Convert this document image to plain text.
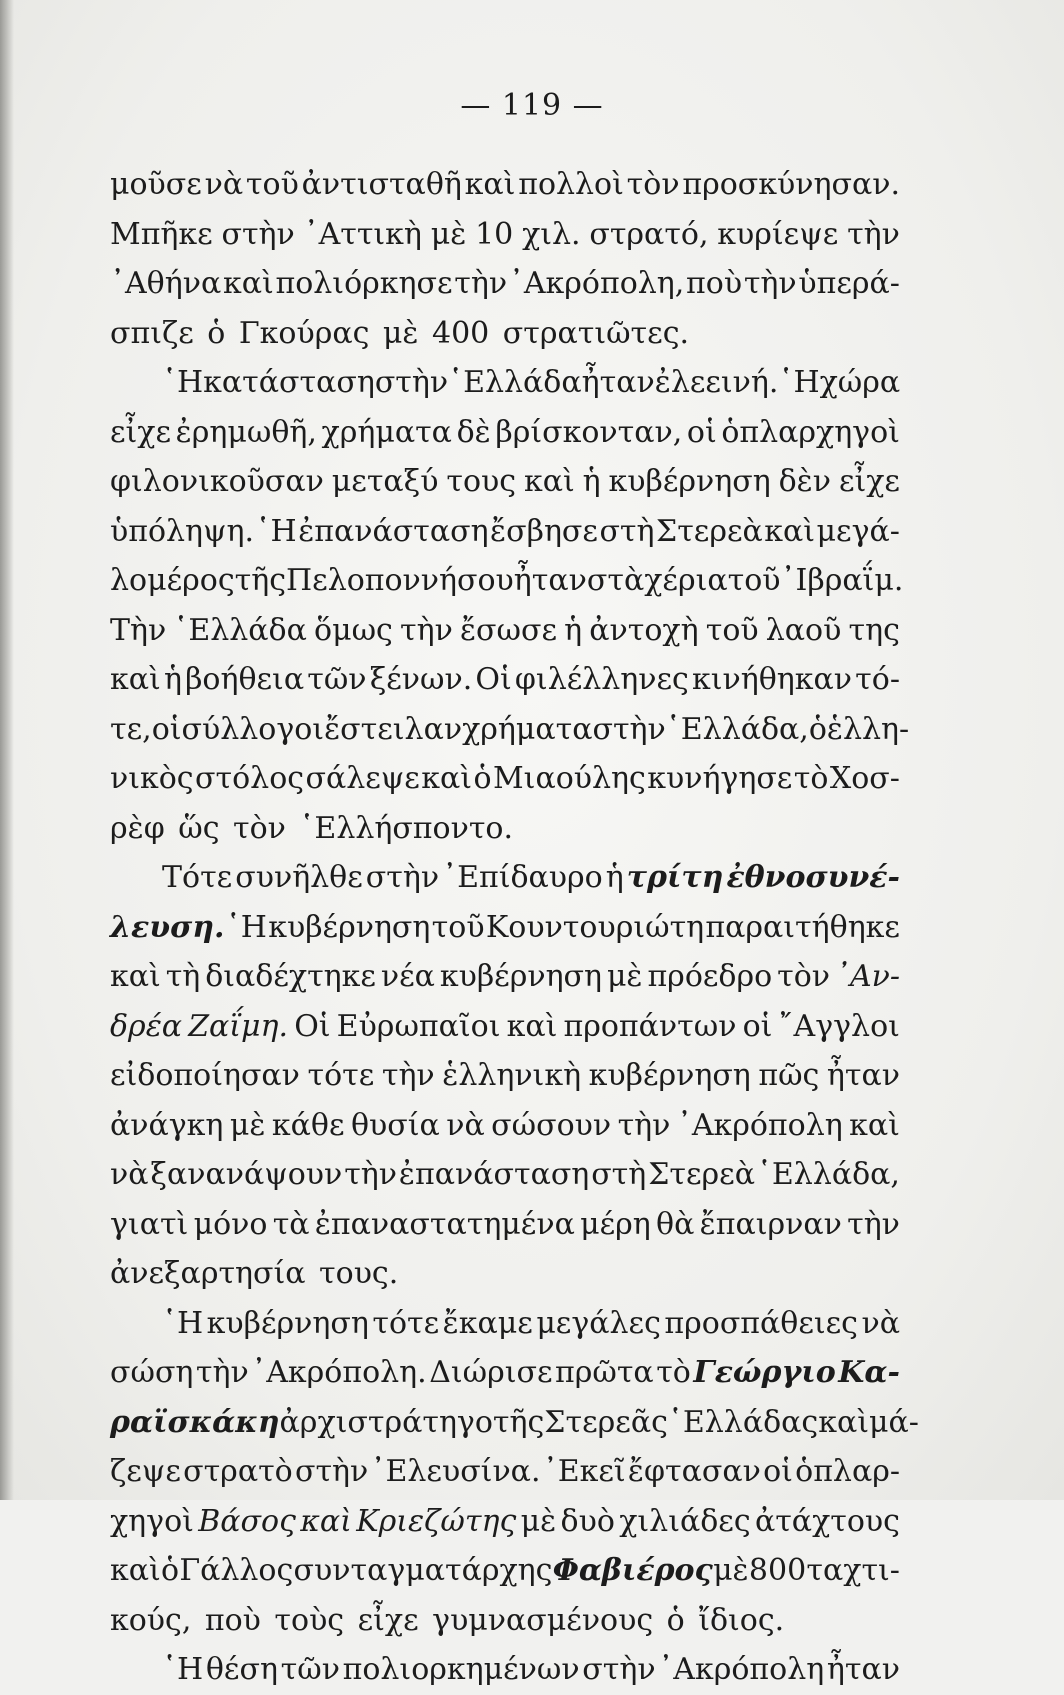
— 119 —
μοῦσε νὰ τοῦ ἀντισταθῆ καὶ πολλοὶ τὸν προσκύνησαν.
Μπῆκε στὴν ᾿Αττικὴ μὲ 10 χιλ. στρατό, κυρίεψε τὴν
᾿Αθήνα καὶ πολιόρκησε τὴν ᾿Ακρόπολη, ποὺ τὴν ὑπερά-
σπιζε ὁ Γκούρας μὲ 400 στρατιῶτες.
῾Η κατάσταση στὴν ῾Ελλάδα ἦταν ἐλεεινή. ῾Η χώρα
εἶχε ἐρημωθῆ, χρήματα δὲ βρίσκονταν, οἱ ὁπλαρχηγοὶ
φιλονικοῦσαν μεταξύ τους καὶ ἡ κυβέρνηση δὲν εἶχε
ὑπόληψη. ῾Η ἐπανάσταση ἔσβησε στὴ Στερεὰ καὶ μεγά-
λο μέρος τῆς Πελοποννήσου ἦταν στὰ χέρια τοῦ ᾿Ιβραΐμ.
Τὴν ῾Ελλάδα ὅμως τὴν ἔσωσε ἡ ἀντοχὴ τοῦ λαοῦ της
καὶ ἡ βοήθεια τῶν ξένων. Οἱ φιλέλληνες κινήθηκαν τό-
τε, οἱ σύλλογοι ἔστειλαν χρήματα στὴν ῾Ελλάδα, ὁ ἑλλη-
νικὸς στόλος σάλεψε καὶ ὁ Μιαούλης κυνήγησε τὸ Χοσ-
ρὲφ ὥς τὸν ῾Ελλήσποντο.
Τότε συνῆλθε στὴν ᾿Επίδαυρο ἡ τρίτη ἐθνοσυνέ-
λευση. ῾Η κυβέρνηση τοῦ Κουντουριώτη παραιτήθηκε
καὶ τὴ διαδέχτηκε νέα κυβέρνηση μὲ πρόεδρο τὸν ᾿Αν-
δρέα Ζαΐμη. Οἱ Εὐρωπαῖοι καὶ προπάντων οἱ ῎Αγγλοι
εἰδοποίησαν τότε τὴν ἑλληνικὴ κυβέρνηση πῶς ἦταν
ἀνάγκη μὲ κάθε θυσία νὰ σώσουν τὴν ᾿Ακρόπολη καὶ
νὰ ξανανάψουν τὴν ἐπανάσταση στὴ Στερεὰ ῾Ελλάδα,
γιατὶ μόνο τὰ ἐπαναστατημένα μέρη θὰ ἔπαιρναν τὴν
ἀνεξαρτησία τους.
῾Η κυβέρνηση τότε ἔκαμε μεγάλες προσπάθειες νὰ
σώση τὴν ᾿Ακρόπολη. Διώρισε πρῶτα τὸ Γεώργιο Κα-
ραϊσκάκη ἀρχιστράτηγο τῆς Στερεᾶς ῾Ελλάδας καὶ μά-
ζεψε στρατὸ στὴν ᾿Ελευσίνα. ᾿Εκεῖ ἔφτασαν οἱ ὁπλαρ-
χηγοὶ Βάσος καὶ Κριεζώτης μὲ δυὸ χιλιάδες ἀτάχτους
καὶ ὁ Γάλλος συνταγματάρχης Φαβιέρος μὲ 800 ταχτι-
κούς, ποὺ τοὺς εἶχε γυμνασμένους ὁ ἴδιος.
῾Η θέση τῶν πολιορκημένων στὴν ᾿Ακρόπολη ἦταν
